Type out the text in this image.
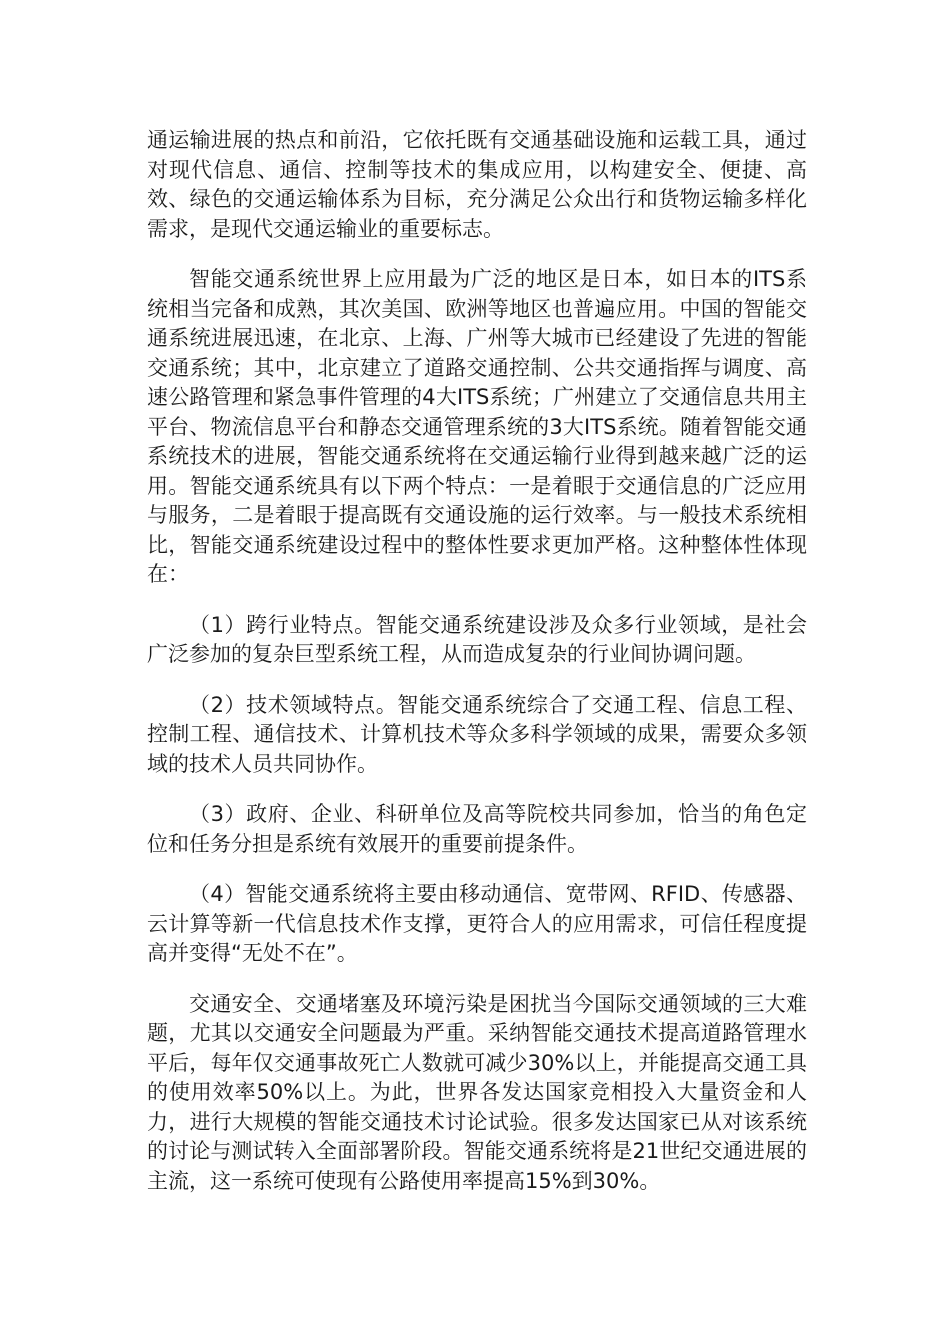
通运输进展的热点和前沿，它依托既有交通基础设施和运载工具，通过对现代信息、通信、控制等技术的集成应用，以构建安全、便捷、高效、绿色的交通运输体系为目标，充分满足公众出行和货物运输多样化需求，是现代交通运输业的重要标志。

智能交通系统世界上应用最为广泛的地区是日本，如日本的ITS系统相当完备和成熟，其次美国、欧洲等地区也普遍应用。中国的智能交通系统进展迅速，在北京、上海、广州等大城市已经建设了先进的智能交通系统；其中，北京建立了道路交通控制、公共交通指挥与调度、高速公路管理和紧急事件管理的4大ITS系统；广州建立了交通信息共用主平台、物流信息平台和静态交通管理系统的3大ITS系统。随着智能交通系统技术的进展，智能交通系统将在交通运输行业得到越来越广泛的运用。智能交通系统具有以下两个特点：一是着眼于交通信息的广泛应用与服务，二是着眼于提高既有交通设施的运行效率。与一般技术系统相比，智能交通系统建设过程中的整体性要求更加严格。这种整体性体现在：

（1）跨行业特点。智能交通系统建设涉及众多行业领域，是社会广泛参加的复杂巨型系统工程，从而造成复杂的行业间协调问题。

（2）技术领域特点。智能交通系统综合了交通工程、信息工程、控制工程、通信技术、计算机技术等众多科学领域的成果，需要众多领域的技术人员共同协作。

（3）政府、企业、科研单位及高等院校共同参加，恰当的角色定位和任务分担是系统有效展开的重要前提条件。

（4）智能交通系统将主要由移动通信、宽带网、RFID、传感器、云计算等新一代信息技术作支撑，更符合人的应用需求，可信任程度提高并变得“无处不在”。

交通安全、交通堵塞及环境污染是困扰当今国际交通领域的三大难题，尤其以交通安全问题最为严重。采纳智能交通技术提高道路管理水平后，每年仅交通事故死亡人数就可减少30%以上，并能提高交通工具的使用效率50%以上。为此，世界各发达国家竞相投入大量资金和人力，进行大规模的智能交通技术讨论试验。很多发达国家已从对该系统的讨论与测试转入全面部署阶段。智能交通系统将是21世纪交通进展的主流，这一系统可使现有公路使用率提高15%到30%。
